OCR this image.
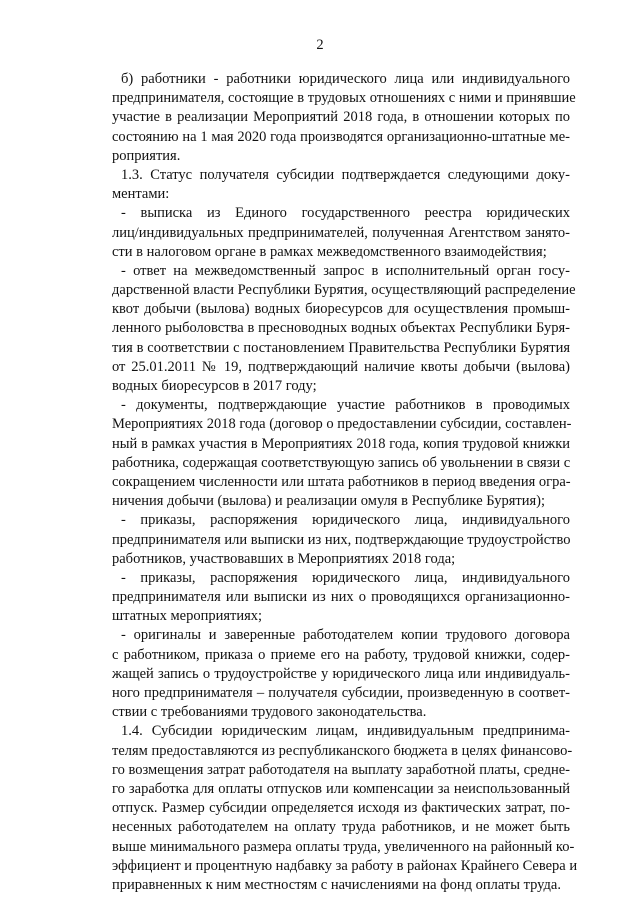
2
б) работники - работники юридического лица или индивидуального
предпринимателя, состоящие в трудовых отношениях с ними и принявшие
участие в реализации Мероприятий 2018 года, в отношении которых по
состоянию на 1 мая 2020 года производятся организационно-штатные ме-
роприятия.
1.3. Статус получателя субсидии подтверждается следующими доку-
ментами:
- выписка из Единого государственного реестра юридических
лиц/индивидуальных предпринимателей, полученная Агентством занято-
сти в налоговом органе в рамках межведомственного взаимодействия;
- ответ на межведомственный запрос в исполнительный орган госу-
дарственной власти Республики Бурятия, осуществляющий распределение
квот добычи (вылова) водных биоресурсов для осуществления промыш-
ленного рыболовства в пресноводных водных объектах Республики Буря-
тия в соответствии с постановлением Правительства Республики Бурятия
от 25.01.2011 № 19, подтверждающий наличие квоты добычи (вылова)
водных биоресурсов в 2017 году;
- документы, подтверждающие участие работников в проводимых
Мероприятиях 2018 года (договор о предоставлении субсидии, составлен-
ный в рамках участия в Мероприятиях 2018 года, копия трудовой книжки
работника, содержащая соответствующую запись об увольнении в связи с
сокращением численности или штата работников в период введения огра-
ничения добычи (вылова) и реализации омуля в Республике Бурятия);
- приказы, распоряжения юридического лица, индивидуального
предпринимателя или выписки из них, подтверждающие трудоустройство
работников, участвовавших в Мероприятиях 2018 года;
- приказы, распоряжения юридического лица, индивидуального
предпринимателя или выписки из них о проводящихся организационно-
штатных мероприятиях;
- оригиналы и заверенные работодателем копии трудового договора
с работником, приказа о приеме его на работу, трудовой книжки, содер-
жащей запись о трудоустройстве у юридического лица или индивидуаль-
ного предпринимателя – получателя субсидии, произведенную в соответ-
ствии с требованиями трудового законодательства.
1.4. Субсидии юридическим лицам, индивидуальным предпринима-
телям предоставляются из республиканского бюджета в целях финансово-
го возмещения затрат работодателя на выплату заработной платы, средне-
го заработка для оплаты отпусков или компенсации за неиспользованный
отпуск. Размер субсидии определяется исходя из фактических затрат, по-
несенных работодателем на оплату труда работников, и не может быть
выше минимального размера оплаты труда, увеличенного на районный ко-
эффициент и процентную надбавку за работу в районах Крайнего Севера и
приравненных к ним местностям с начислениями на фонд оплаты труда.
